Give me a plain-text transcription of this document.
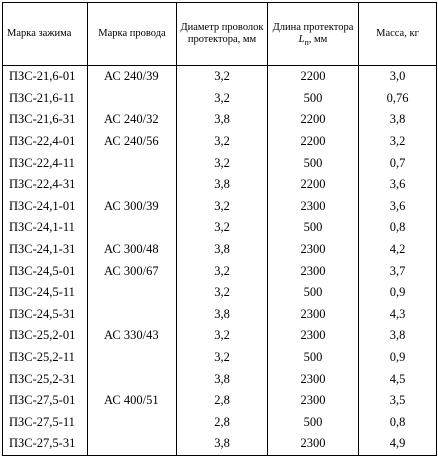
Марка зажима	Марка провода	Диаметр проволок протектора, мм	Длина протектора $L_п$, мм	Масса, кг
ПЗС-21,6-01	АС 240/39	3,2	2200	3,0
ПЗС-21,6-11		3,2	500	0,76
ПЗС-21,6-31	АС 240/32	3,8	2200	3,8
ПЗС-22,4-01	АС 240/56	3,2	2200	3,2
ПЗС-22,4-11		3,2	500	0,7
ПЗС-22,4-31		3,8	2200	3,6
ПЗС-24,1-01	АС 300/39	3,2	2300	3,6
ПЗС-24,1-11		3,2	500	0,8
ПЗС-24,1-31	АС 300/48	3,8	2300	4,2
ПЗС-24,5-01	АС 300/67	3,2	2300	3,7
ПЗС-24,5-11		3,2	500	0,9
ПЗС-24,5-31		3,8	2300	4,3
ПЗС-25,2-01	АС 330/43	3,2	2300	3,8
ПЗС-25,2-11		3,2	500	0,9
ПЗС-25,2-31		3,8	2300	4,5
ПЗС-27,5-01	АС 400/51	2,8	2300	3,5
ПЗС-27,5-11		2,8	500	0,8
ПЗС-27,5-31		3,8	2300	4,9
